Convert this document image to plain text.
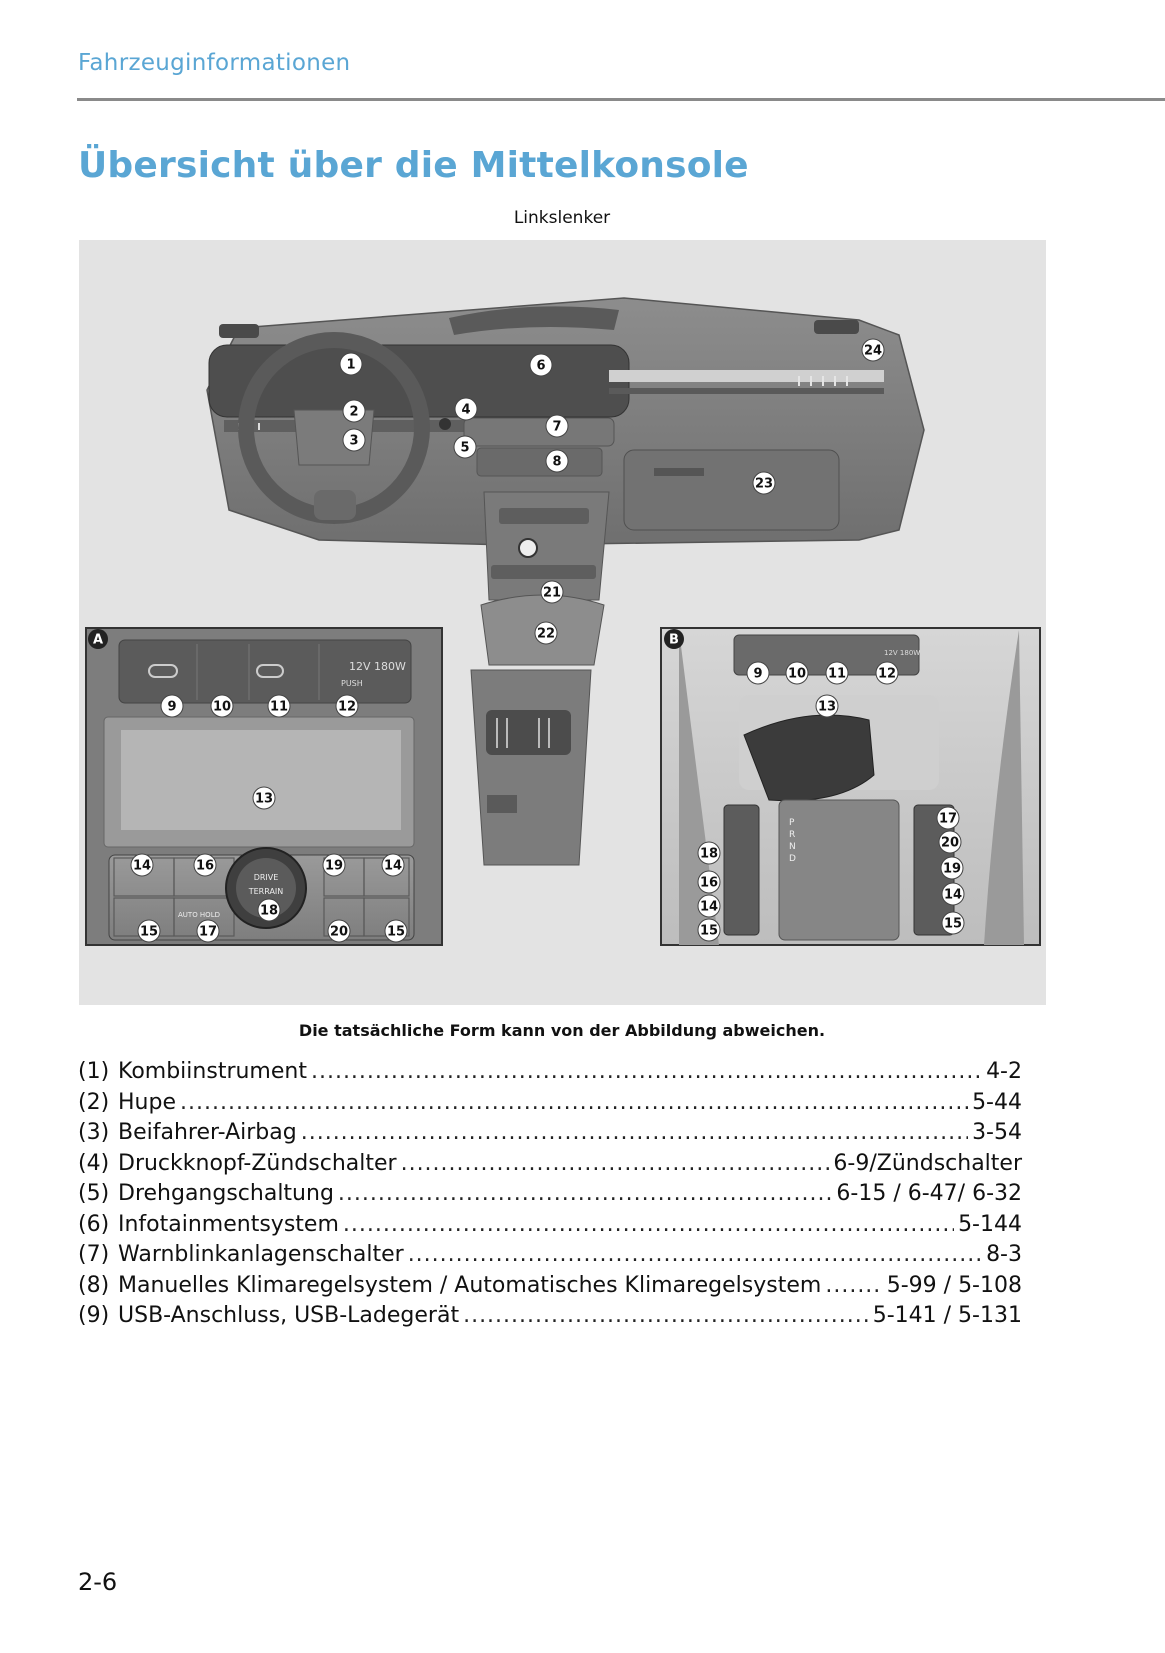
Fahrzeuginformationen
Übersicht über die Mittelkonsole
Linkslenker
12V 180W
PUSH
DRIVE
TERRAIN
AUTO HOLD
A
12V 180W
P
R
N
D
B
1
2
3
4
5
6
7
8
21
22
23
24
9	10	11	12
13
14	16	19	14
15	17
18
20	15
9 10 11 12
13
17
20
19
14
15
18
16
14
15
Die tatsächliche Form kann von der Abbildung abweichen.
(1) Kombiinstrument .....	4-2
(2) Hupe .....	5-44
(3) Beifahrer-Airbag .....	3-54
(4) Druckknopf-Zündschalter .....	6-9/Zündschalter
(5) Drehgangschaltung .....	6-15 / 6-47/ 6-32
(6) Infotainmentsystem .....	5-144
(7) Warnblinkanlagenschalter .....	8-3
(8) Manuelles Klimaregelsystem / Automatisches Klimaregelsystem .....	5-99 / 5-108
(9) USB-Anschluss, USB-Ladegerät .....	5-141 / 5-131
2-6
